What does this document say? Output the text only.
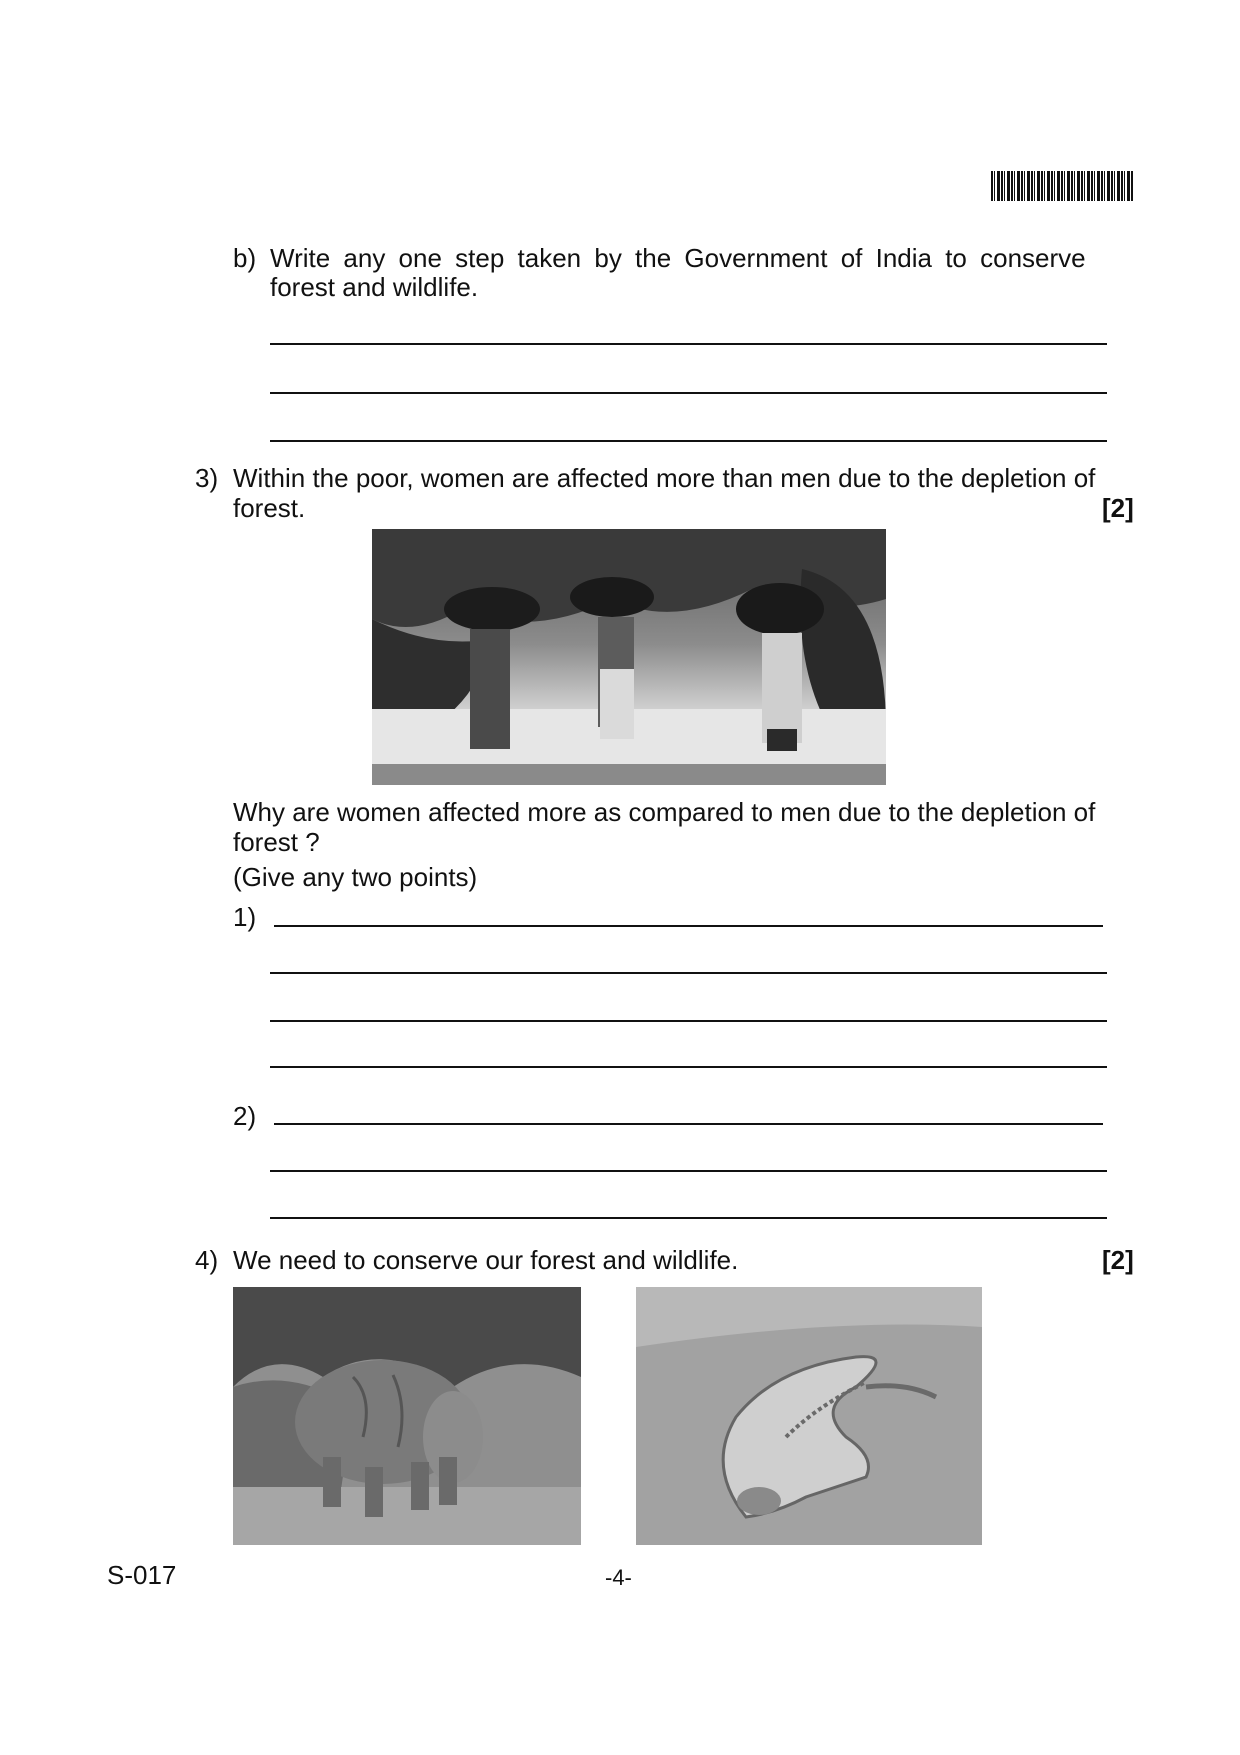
b) Write any one step taken by the Government of India to conserve
forest and wildlife.
3) Within the poor, women are affected more than men due to the depletion of
forest.	[2]
Why are women affected more as compared to men due to the depletion of
forest ?
(Give any two points)
1)
2)
4) We need to conserve our forest and wildlife.	[2]
S-017	-4-
